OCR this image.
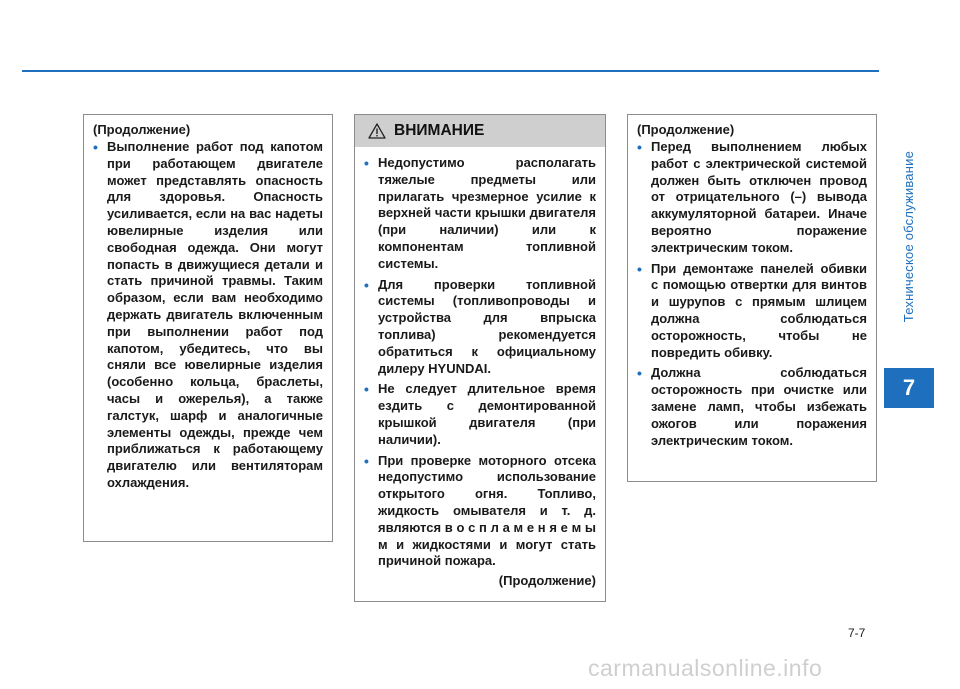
Техническое обслуживание
7
(Продолжение)
• Выполнение работ под капотом при работающем двигателе может представлять опасность для здоровья. Опасность усиливается, если на вас надеты ювелирные изделия или свободная одежда. Они могут попасть в движущиеся детали и стать причиной травмы. Таким образом, если вам необходимо держать двигатель включенным при выполнении работ под капотом, убедитесь, что вы сняли все ювелирные изделия (особенно кольца, браслеты, часы и ожерелья), а также галстук, шарф и аналогичные элементы одежды, прежде чем приближаться к работающему двигателю или вентиляторам охлаждения.
ВНИМАНИЕ
• Недопустимо располагать тяжелые предметы или прилагать чрезмерное усилие к верхней части крышки двигателя (при наличии) или к компонентам топливной системы.
• Для проверки топливной системы (топливопроводы и устройства для впрыска топлива) рекомендуется обратиться к официальному дилеру HYUNDAI.
• Не следует длительное время ездить с демонтированной крышкой двигателя (при наличии).
• При проверке моторного отсека недопустимо использование открытого огня. Топливо, жидкость омывателя и т. д. являются в о с п л а м е н я е м ы м и жидкостями и могут стать причиной пожара.
(Продолжение)
(Продолжение)
• Перед выполнением любых работ с электрической системой должен быть отключен провод от отрицательного (–) вывода аккумуляторной батареи. Иначе вероятно поражение электрическим током.
• При демонтаже панелей обивки с помощью отвертки для винтов и шурупов с прямым шлицем должна соблюдаться осторожность, чтобы не повредить обивку.
• Должна соблюдаться осторожность при очистке или замене ламп, чтобы избежать ожогов или поражения электрическим током.
7-7
carmanualsonline.info
